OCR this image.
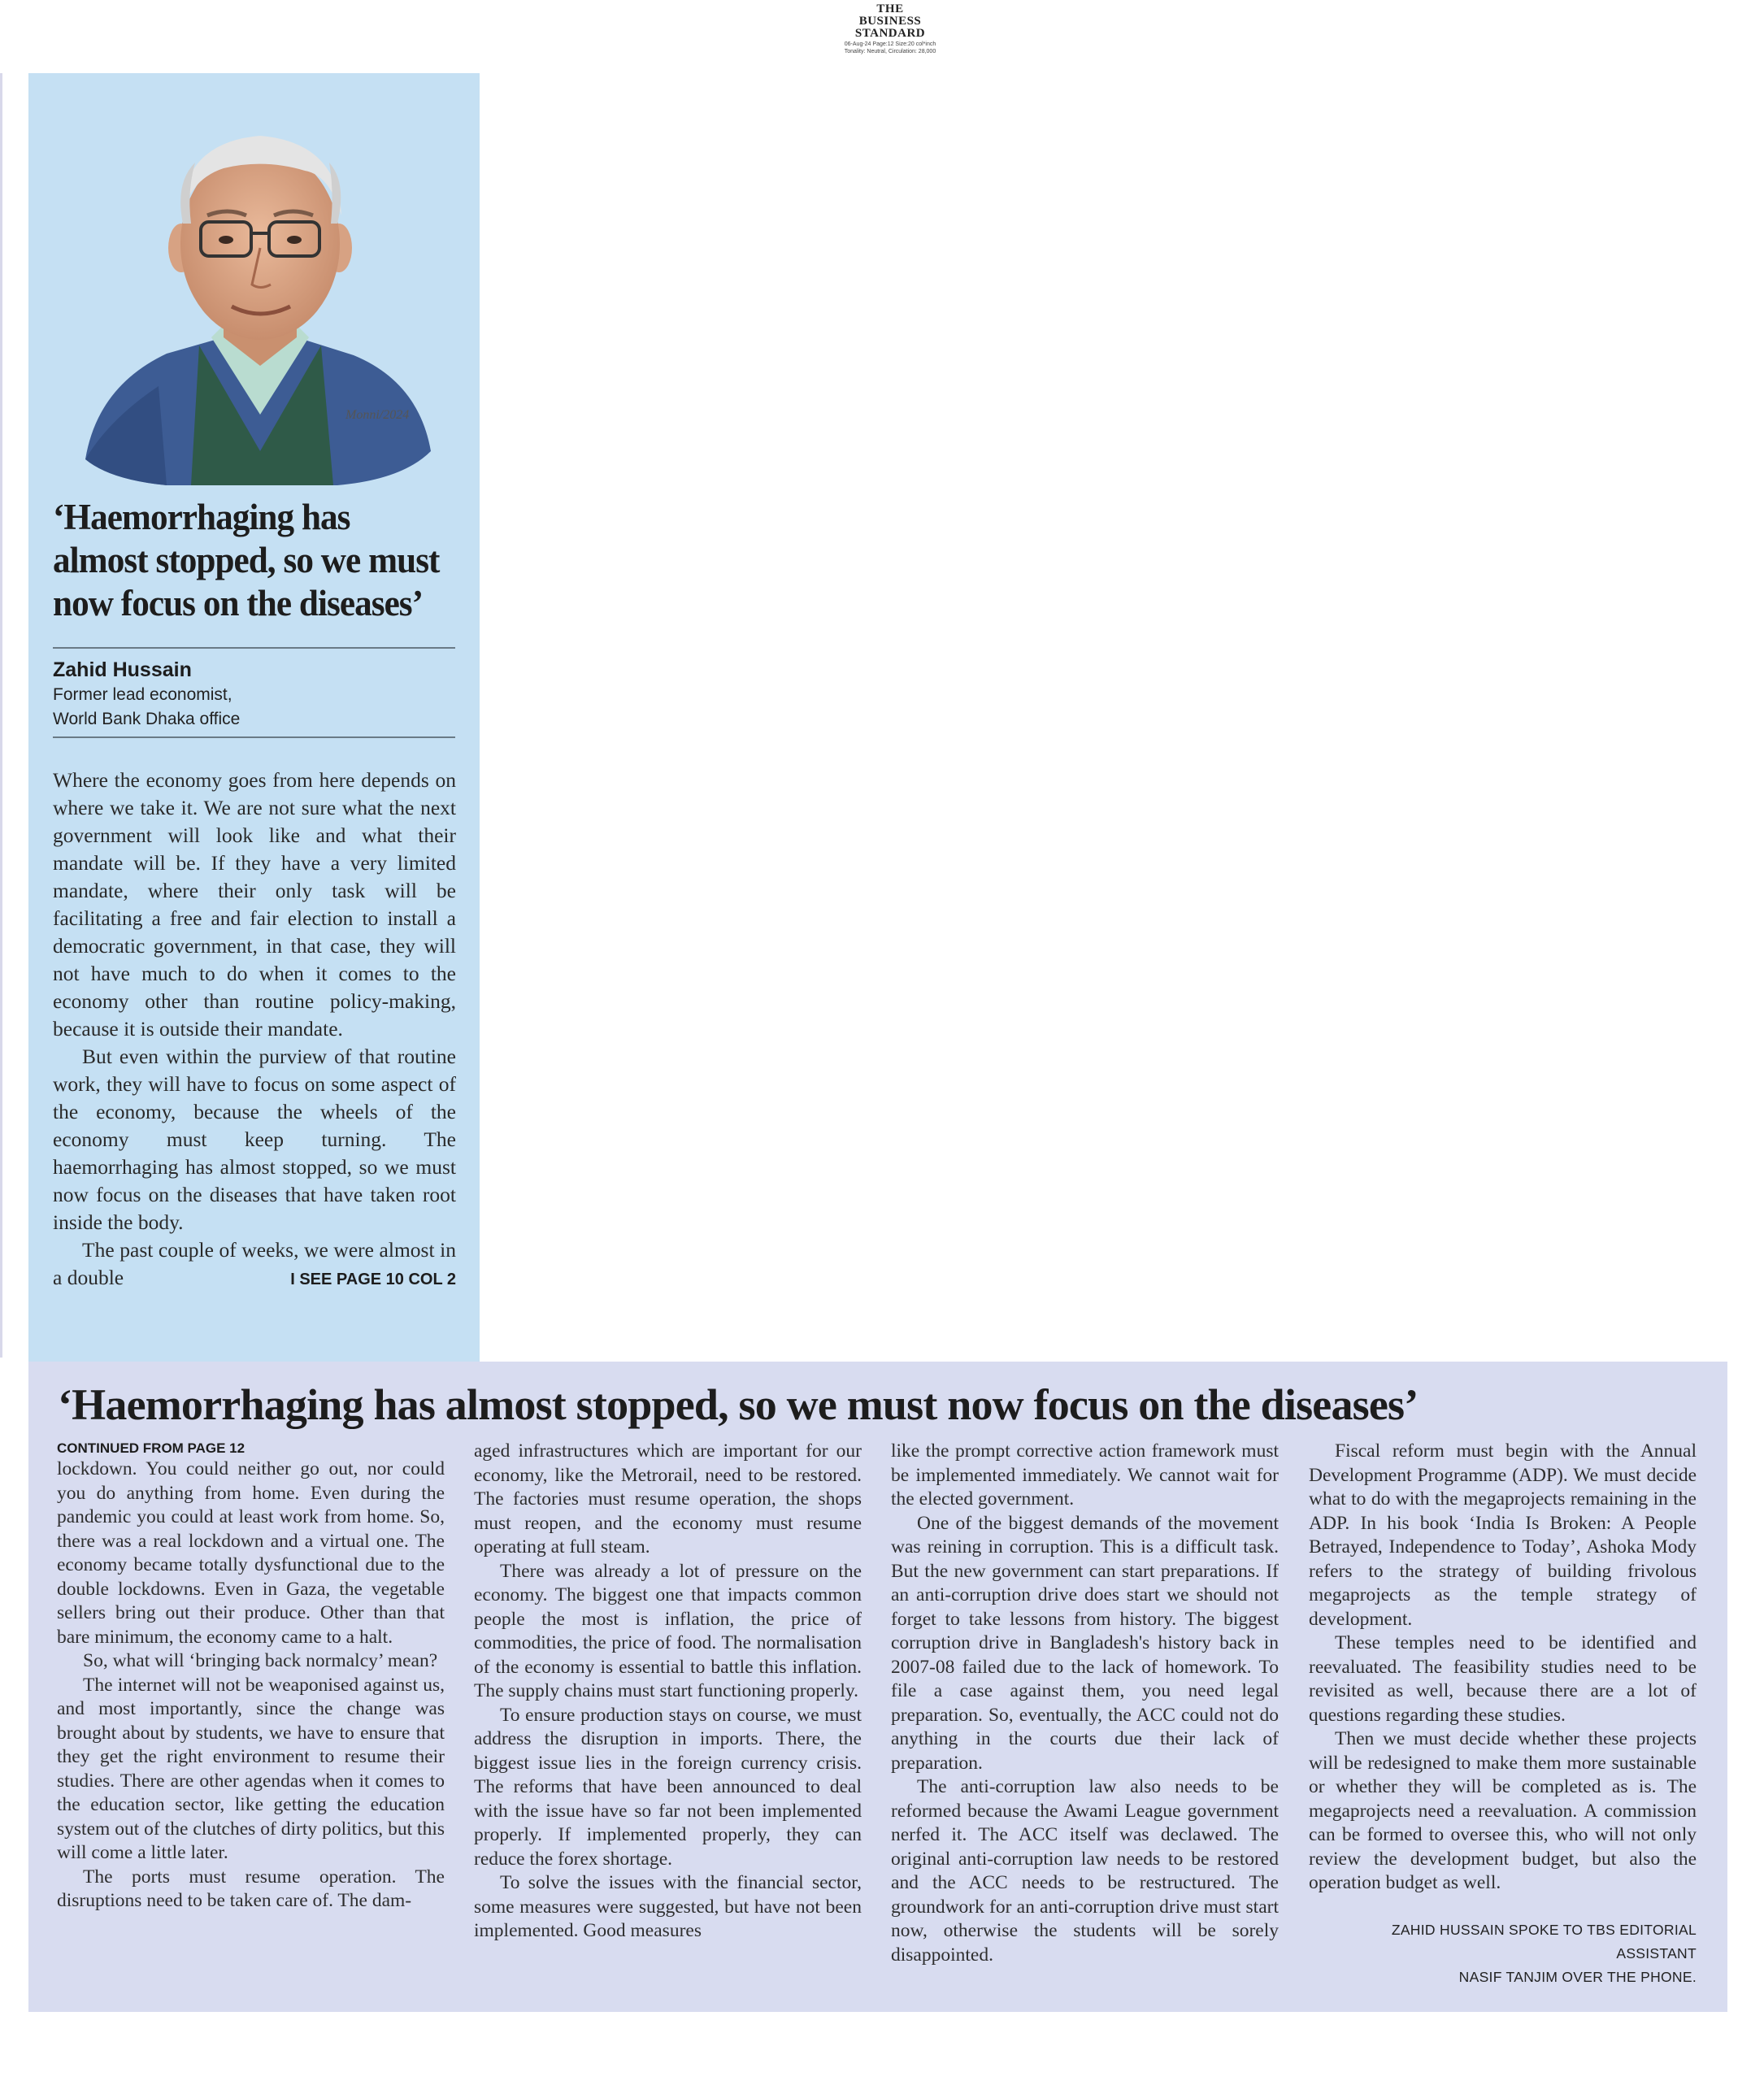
THE
BUSINESS
STANDARD
06-Aug-24 Page:12 Size:20 col*inch
Tonality: Neutral, Circulation: 28,000
Monni/2024
‘Haemorrhaging has almost stopped, so we must now focus on the diseases’
Zahid Hussain
Former lead economist,
World Bank Dhaka office

Where the economy goes from here depends on where we take it. We are not sure what the next government will look like and what their mandate will be. If they have a very limited mandate, where their only task will be facilitating a free and fair election to install a democratic government, in that case, they will not have much to do when it comes to the economy other than routine policy-making, because it is outside their mandate.

But even within the purview of that routine work, they will have to focus on some aspect of the economy, because the wheels of the economy must keep turning. The haemorrhaging has almost stopped, so we must now focus on the diseases that have taken root inside the body.

The past couple of weeks, we were almost in a double	I SEE PAGE 10 COL 2

‘Haemorrhaging has almost stopped, so we must now focus on the diseases’
CONTINUED FROM PAGE 12

lockdown. You could neither go out, nor could you do anything from home. Even during the pandemic you could at least work from home. So, there was a real lockdown and a virtual one. The economy became totally dysfunctional due to the double lockdowns. Even in Gaza, the vegetable sellers bring out their produce. Other than that bare minimum, the economy came to a halt.

So, what will ‘bringing back normalcy’ mean?

The internet will not be weaponised against us, and most importantly, since the change was brought about by students, we have to ensure that they get the right environment to resume their studies. There are other agendas when it comes to the education sector, like getting the education system out of the clutches of dirty politics, but this will come a little later.

The ports must resume operation. The disruptions need to be taken care of. The dam-

aged infrastructures which are important for our economy, like the Metrorail, need to be restored. The factories must resume operation, the shops must reopen, and the economy must resume operating at full steam.

There was already a lot of pressure on the economy. The biggest one that impacts common people the most is inflation, the price of commodities, the price of food. The normalisation of the economy is essential to battle this inflation. The supply chains must start functioning properly.

To ensure production stays on course, we must address the disruption in imports. There, the biggest issue lies in the foreign currency crisis. The reforms that have been announced to deal with the issue have so far not been implemented properly. If implemented properly, they can reduce the forex shortage.

To solve the issues with the financial sector, some measures were suggested, but have not been implemented. Good measures

like the prompt corrective action framework must be implemented immediately. We cannot wait for the elected government.

One of the biggest demands of the movement was reining in corruption. This is a difficult task. But the new government can start preparations. If an anti-corruption drive does start we should not forget to take lessons from history. The biggest corruption drive in Bangladesh's history back in 2007-08 failed due to the lack of homework. To file a case against them, you need legal preparation. So, eventually, the ACC could not do anything in the courts due their lack of preparation.

The anti-corruption law also needs to be reformed because the Awami League government nerfed it. The ACC itself was declawed. The original anti-corruption law needs to be restored and the ACC needs to be restructured. The groundwork for an anti-corruption drive must start now, otherwise the students will be sorely disappointed.

Fiscal reform must begin with the Annual Development Programme (ADP). We must decide what to do with the megaprojects remaining in the ADP. In his book ‘India Is Broken: A People Betrayed, Independence to Today’, Ashoka Mody refers to the strategy of building frivolous megaprojects as the temple strategy of development.

These temples need to be identified and reevaluated. The feasibility studies need to be revisited as well, because there are a lot of questions regarding these studies.

Then we must decide whether these projects will be redesigned to make them more sustainable or whether they will be completed as is. The megaprojects need a reevaluation. A commission can be formed to oversee this, who will not only review the development budget, but also the operation budget as well.

ZAHID HUSSAIN SPOKE TO TBS EDITORIAL ASSISTANT
NASIF TANJIM OVER THE PHONE.
